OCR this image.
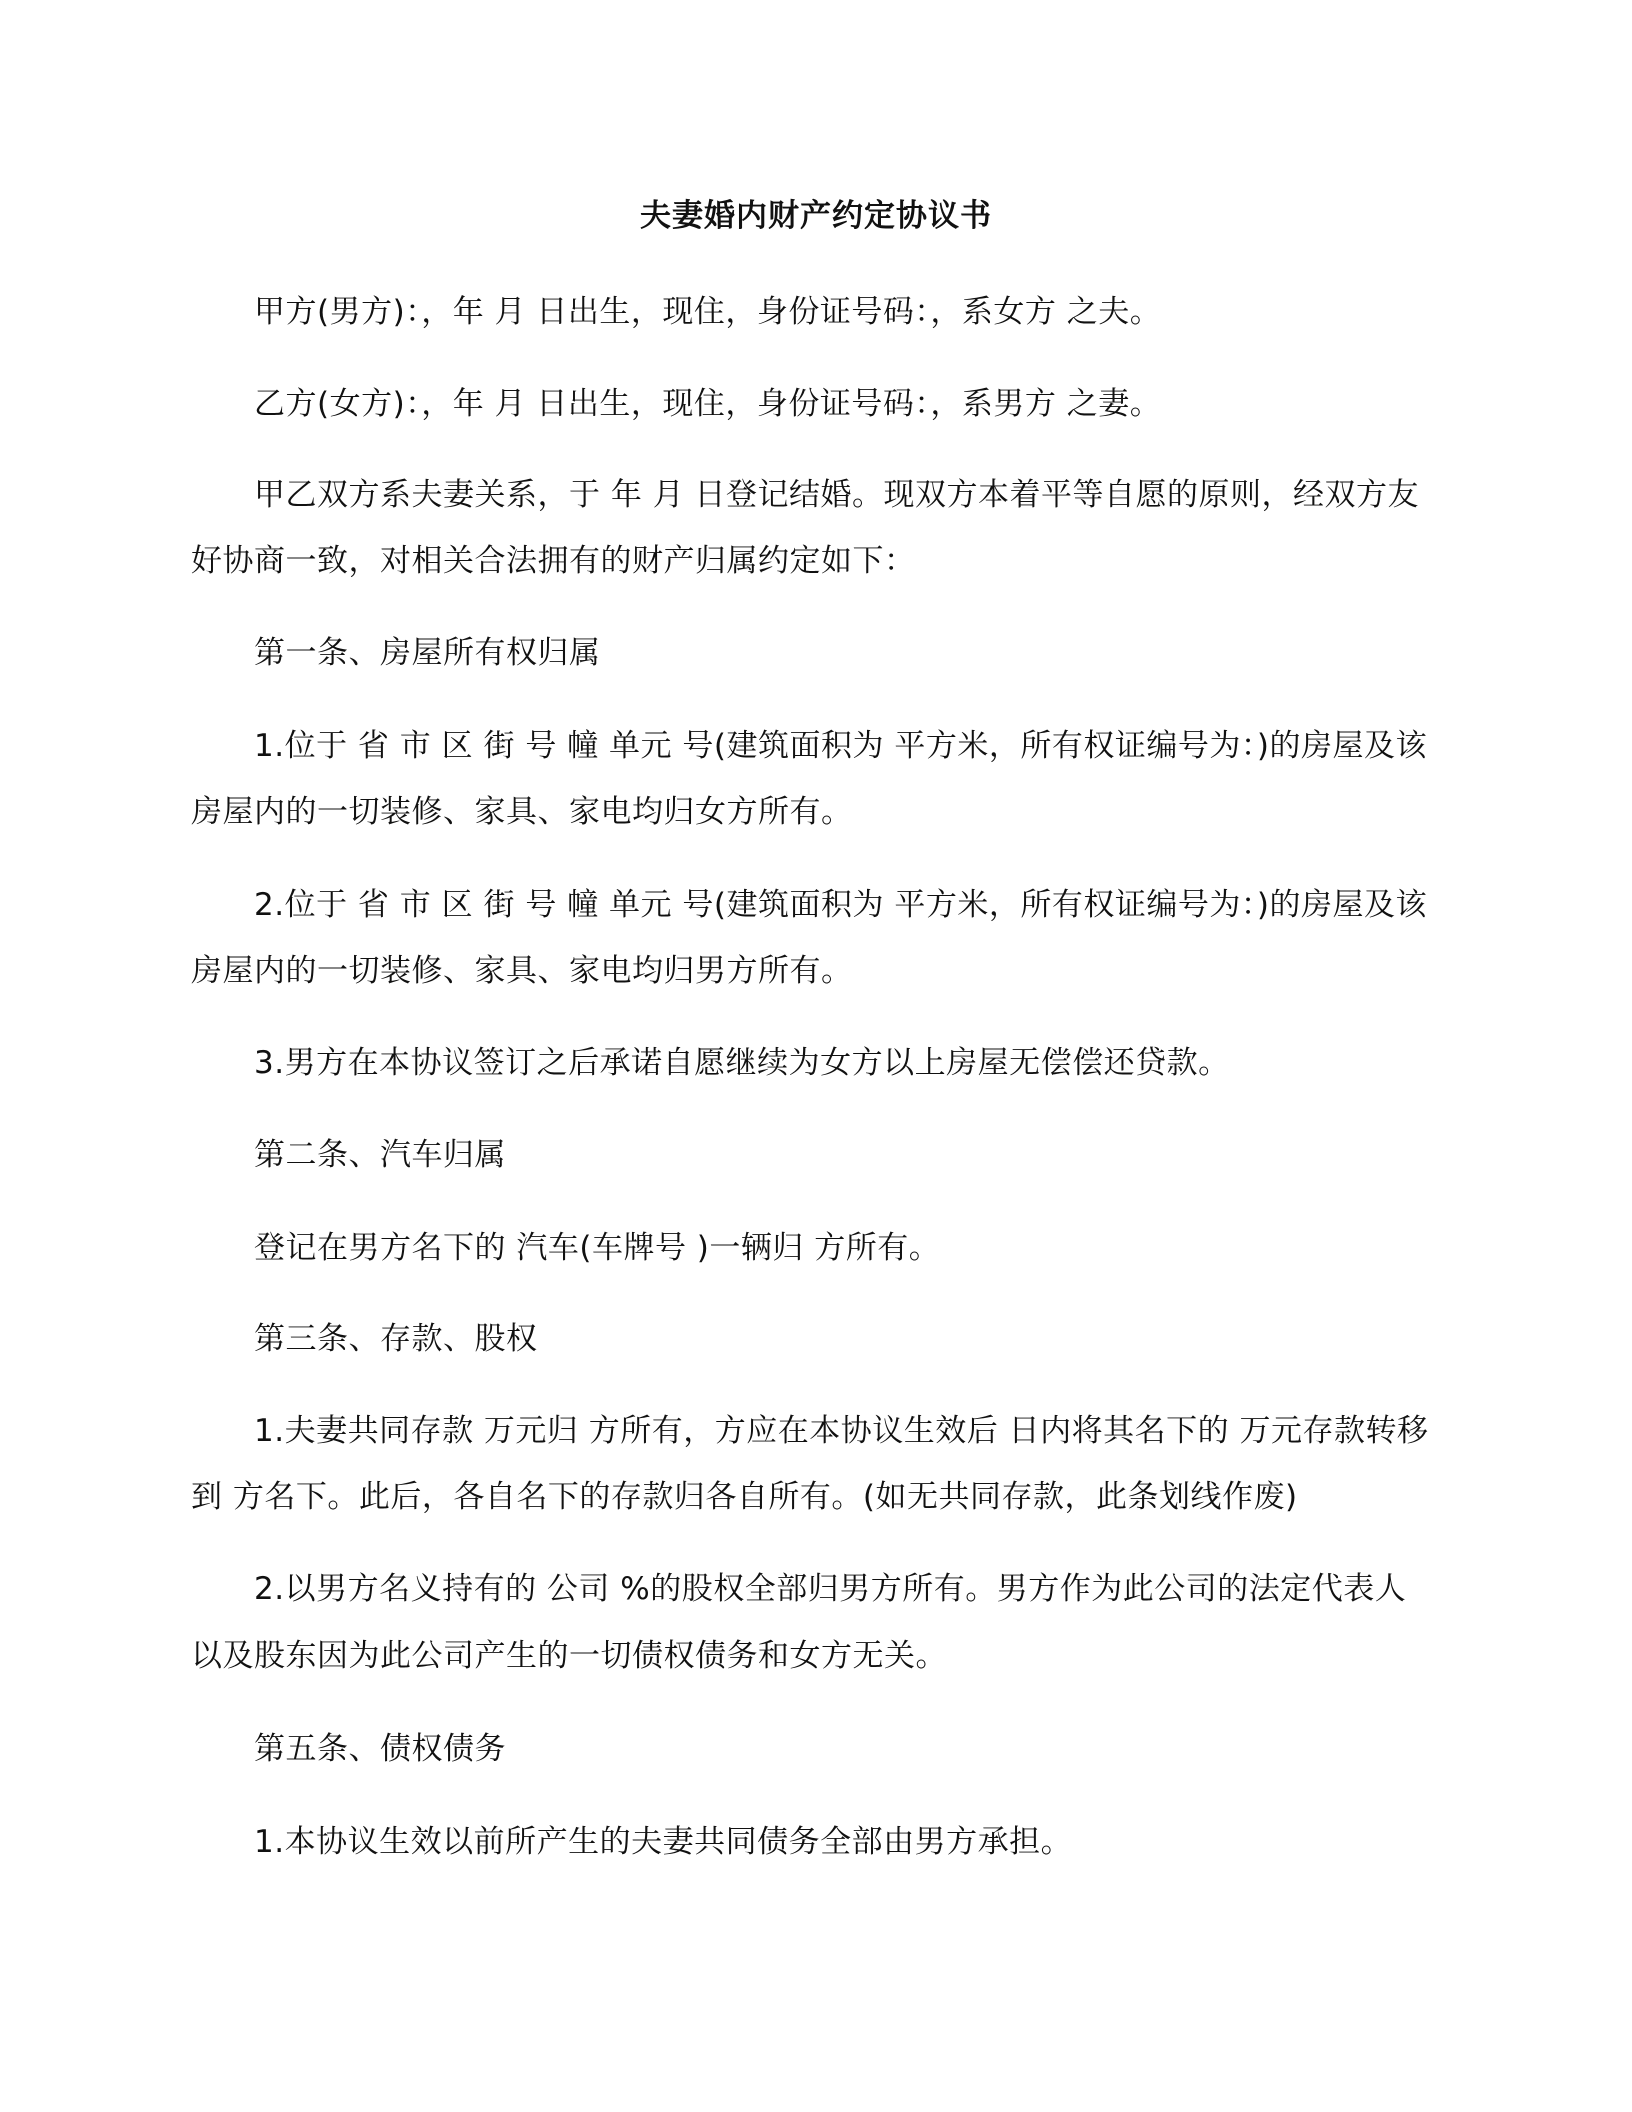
夫妻婚内财产约定协议书
甲方(男方)：，年 月 日出生，现住，身份证号码：，系女方 之夫。
乙方(女方)：，年 月 日出生，现住，身份证号码：，系男方 之妻。
甲乙双方系夫妻关系，于 年 月 日登记结婚。现双方本着平等自愿的原则，经双方友
好协商一致，对相关合法拥有的财产归属约定如下：
第一条、房屋所有权归属
1.位于 省 市 区 街 号 幢 单元 号(建筑面积为 平方米，所有权证编号为：)的房屋及该
房屋内的一切装修、家具、家电均归女方所有。
2.位于 省 市 区 街 号 幢 单元 号(建筑面积为 平方米，所有权证编号为：)的房屋及该
房屋内的一切装修、家具、家电均归男方所有。
3.男方在本协议签订之后承诺自愿继续为女方以上房屋无偿偿还贷款。
第二条、汽车归属
登记在男方名下的 汽车(车牌号 )一辆归 方所有。
第三条、存款、股权
1.夫妻共同存款 万元归 方所有，方应在本协议生效后 日内将其名下的 万元存款转移
到 方名下。此后，各自名下的存款归各自所有。(如无共同存款，此条划线作废)
2.以男方名义持有的 公司 %的股权全部归男方所有。男方作为此公司的法定代表人
以及股东因为此公司产生的一切债权债务和女方无关。
第五条、债权债务
1.本协议生效以前所产生的夫妻共同债务全部由男方承担。
